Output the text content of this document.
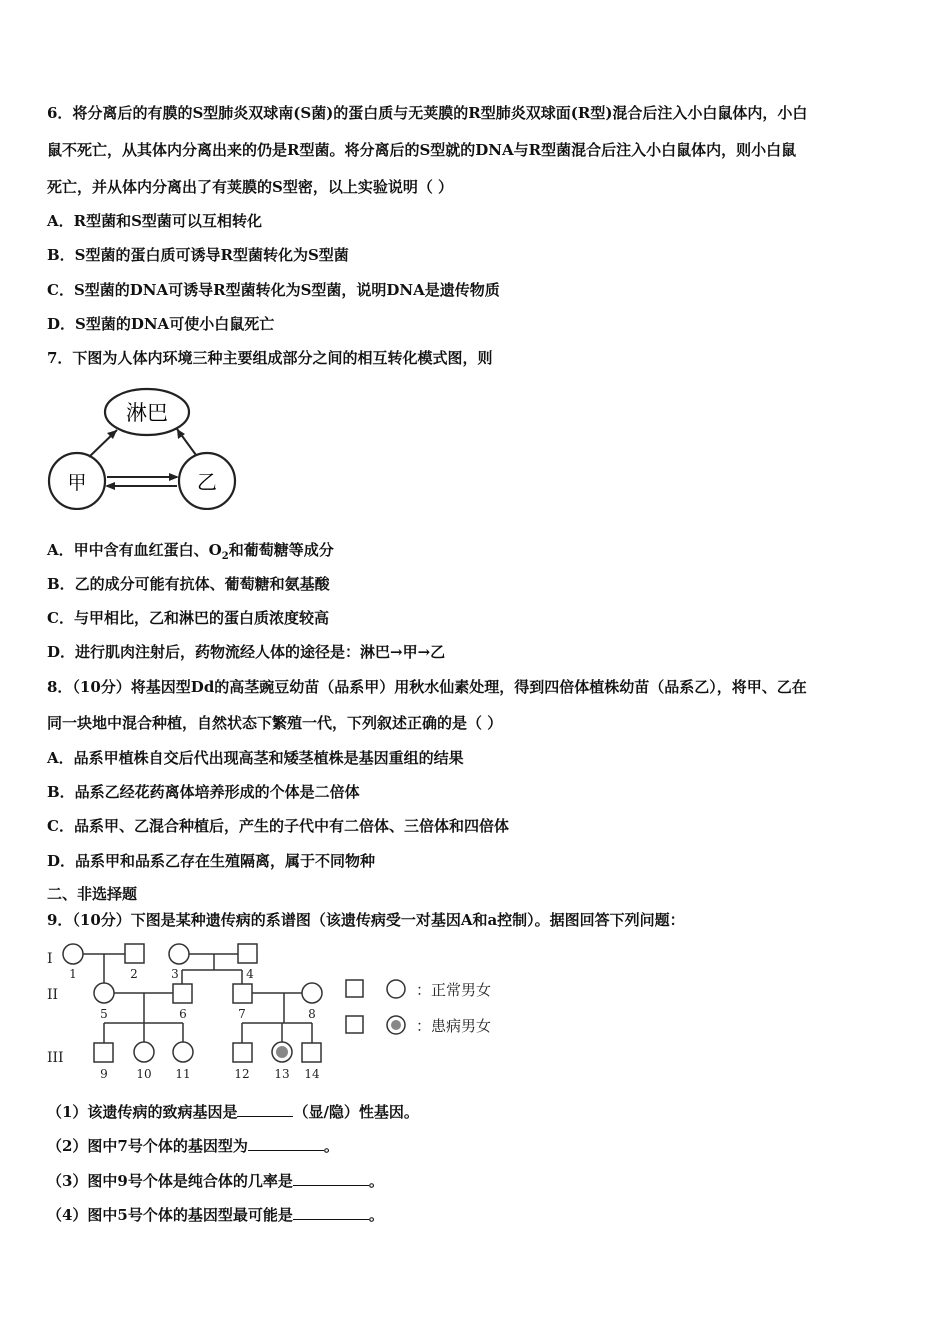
6．将分离后的有膜的S型肺炎双球南(S菌)的蛋白质与无荚膜的R型肺炎双球面(R型)混合后注入小白鼠体内，小白
鼠不死亡，从其体内分离出来的仍是R型菌。将分离后的S型就的DNA与R型菌混合后注入小白鼠体内，则小白鼠
死亡，并从体内分离出了有荚膜的S型密，以上实验说明（ ）
A．R型菌和S型菌可以互相转化
B．S型菌的蛋白质可诱导R型菌转化为S型菌
C．S型菌的DNA可诱导R型菌转化为S型菌，说明DNA是遗传物质
D．S型菌的DNA可使小白鼠死亡
7．下图为人体内环境三种主要组成部分之间的相互转化模式图，则
淋巴
甲	乙
A．甲中含有血红蛋白、$O_2$和葡萄糖等成分
B．乙的成分可能有抗体、葡萄糖和氨基酸
C．与甲相比，乙和淋巴的蛋白质浓度较高
D．进行肌肉注射后，药物流经人体的途径是：淋巴→甲→乙
8．（10分）将基因型Dd的高茎豌豆幼苗（品系甲）用秋水仙素处理，得到四倍体植株幼苗（品系乙），将甲、乙在
同一块地中混合种植，自然状态下繁殖一代，下列叙述正确的是（ ）
A．品系甲植株自交后代出现高茎和矮茎植株是基因重组的结果
B．品系乙经花药离体培养形成的个体是二倍体
C．品系甲、乙混合种植后，产生的子代中有二倍体、三倍体和四倍体
D．品系甲和品系乙存在生殖隔离，属于不同物种
二、非选择题
9．（10分）下图是某种遗传病的系谱图（该遗传病受一对基因A和a控制）。据图回答下列问题：
I
II
III
1	2	3	4
5	6	7	8
9 10 11	12 13 14
：正常男女
：患病男女
（1）该遗传病的致病基因是	（显/隐）性基因。
（2）图中7号个体的基因型为	。
（3）图中9号个体是纯合体的几率是	。
（4）图中5号个体的基因型最可能是	。
